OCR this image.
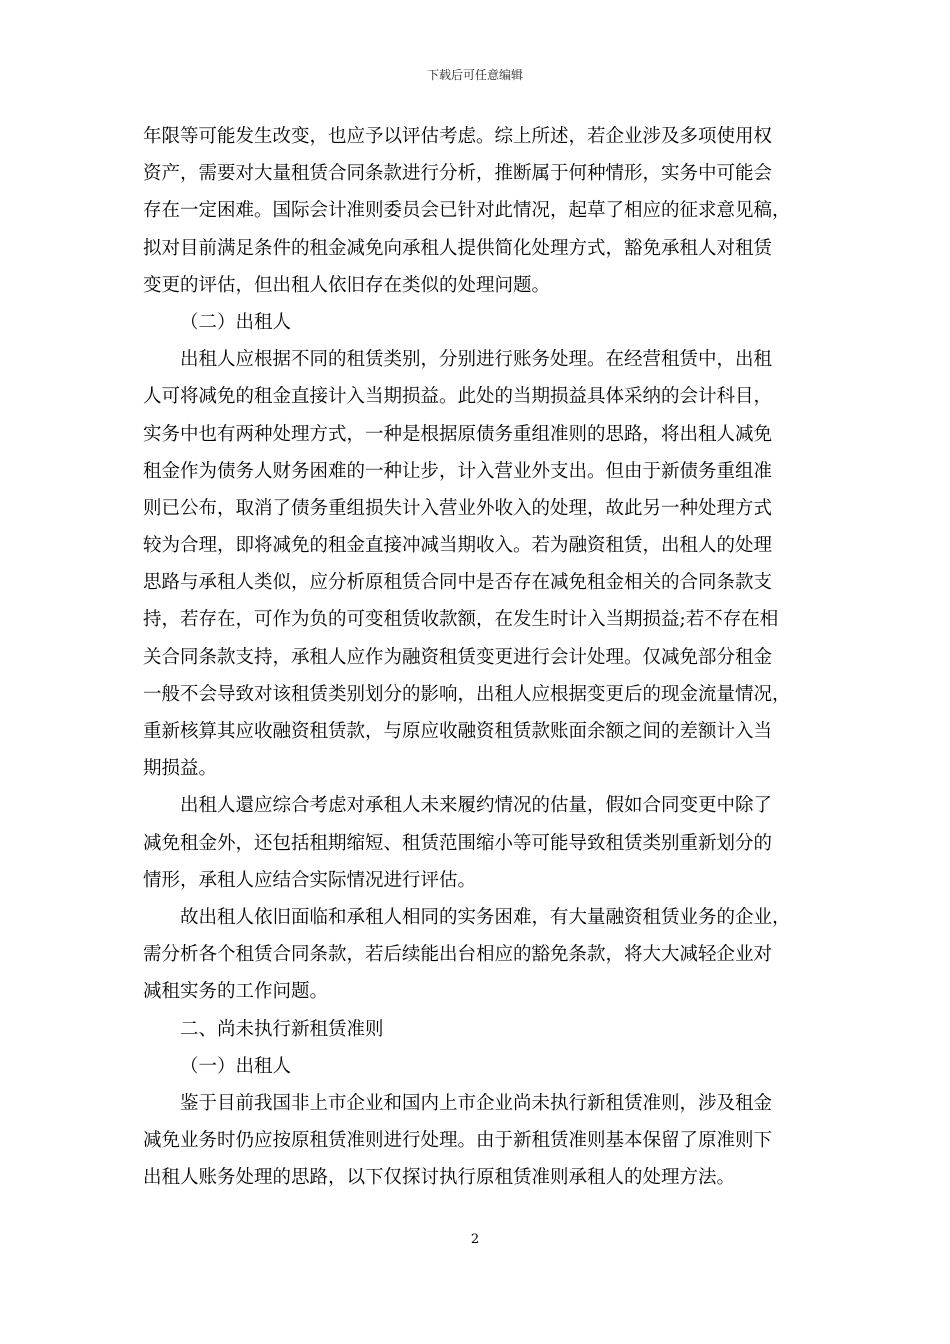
下载后可任意编辑
年限等可能发生改变，也应予以评估考虑。综上所述，若企业涉及多项使用权
资产，需要对大量租赁合同条款进行分析，推断属于何种情形，实务中可能会
存在一定困难。国际会计准则委员会已针对此情况，起草了相应的征求意见稿，
拟对目前满足条件的租金减免向承租人提供简化处理方式，豁免承租人对租赁
变更的评估，但出租人依旧存在类似的处理问题。
（二）出租人
出租人应根据不同的租赁类别，分别进行账务处理。在经营租赁中，出租
人可将减免的租金直接计入当期损益。此处的当期损益具体采纳的会计科目，
实务中也有两种处理方式，一种是根据原债务重组准则的思路，将出租人减免
租金作为债务人财务困难的一种让步，计入营业外支出。但由于新债务重组准
则已公布，取消了债务重组损失计入营业外收入的处理，故此另一种处理方式
较为合理，即将减免的租金直接冲减当期收入。若为融资租赁，出租人的处理
思路与承租人类似，应分析原租赁合同中是否存在减免租金相关的合同条款支
持，若存在，可作为负的可变租赁收款额，在发生时计入当期损益;若不存在相
关合同条款支持，承租人应作为融资租赁变更进行会计处理。仅减免部分租金
一般不会导致对该租赁类别划分的影响，出租人应根据变更后的现金流量情况，
重新核算其应收融资租赁款，与原应收融资租赁款账面余额之间的差额计入当
期损益。
出租人還应综合考虑对承租人未来履约情况的估量，假如合同变更中除了
减免租金外，还包括租期缩短、租赁范围缩小等可能导致租赁类别重新划分的
情形，承租人应结合实际情况进行评估。
故出租人依旧面临和承租人相同的实务困难，有大量融资租赁业务的企业，
需分析各个租赁合同条款，若后续能出台相应的豁免条款，将大大减轻企业对
减租实务的工作问题。
二、尚未执行新租赁准则
（一）出租人
鉴于目前我国非上市企业和国内上市企业尚未执行新租赁准则，涉及租金
减免业务时仍应按原租赁准则进行处理。由于新租赁准则基本保留了原准则下
出租人账务处理的思路，以下仅探讨执行原租赁准则承租人的处理方法。
2
